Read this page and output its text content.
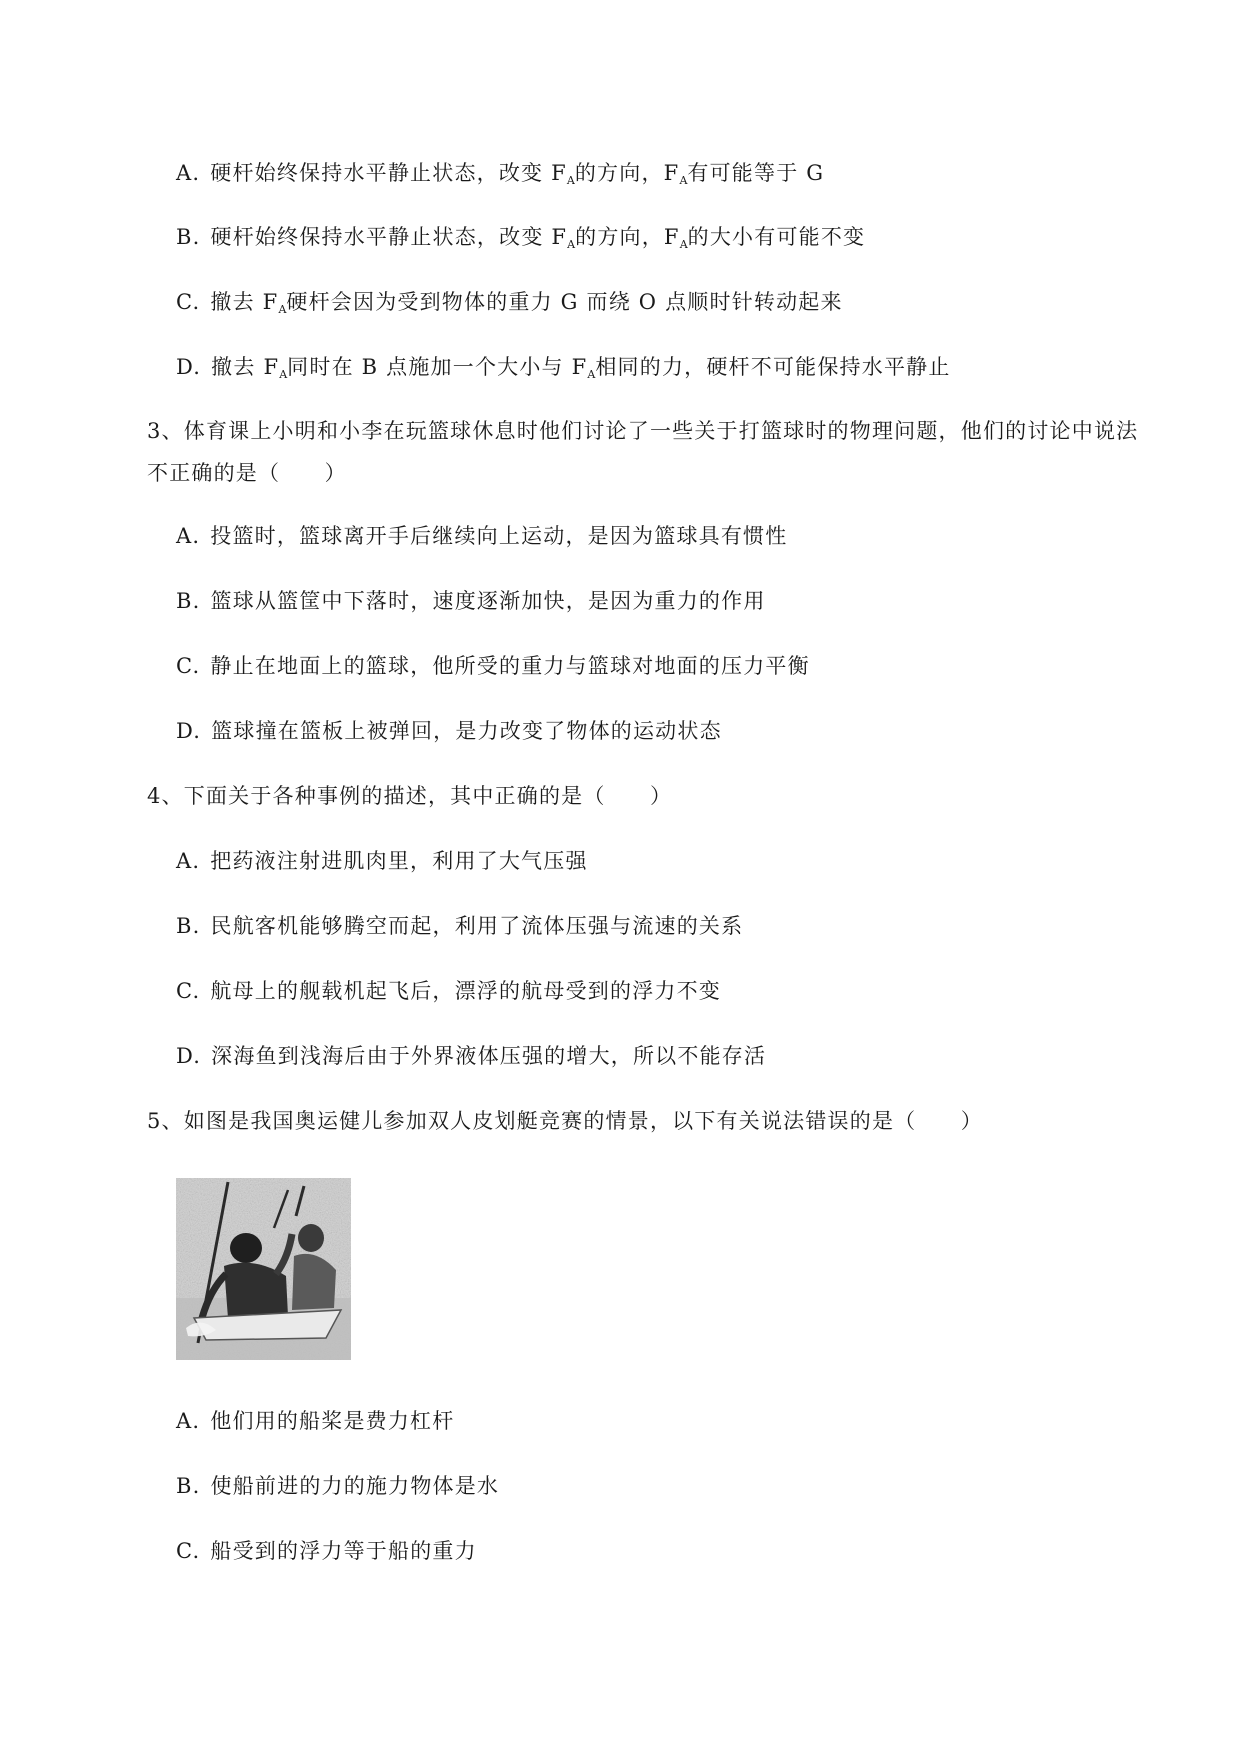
A. 硬杆始终保持水平静止状态，改变 $F_A$的方向，$F_A$有可能等于 G
B. 硬杆始终保持水平静止状态，改变 $F_A$的方向，$F_A$的大小有可能不变
C. 撤去 $F_A$硬杆会因为受到物体的重力 G 而绕 O 点顺时针转动起来
D. 撤去 $F_A$同时在 B 点施加一个大小与 $F_A$相同的力，硬杆不可能保持水平静止
3、体育课上小明和小李在玩篮球休息时他们讨论了一些关于打篮球时的物理问题，他们的讨论中说法
不正确的是（　　）
A. 投篮时，篮球离开手后继续向上运动，是因为篮球具有惯性
B. 篮球从篮筐中下落时，速度逐渐加快，是因为重力的作用
C. 静止在地面上的篮球，他所受的重力与篮球对地面的压力平衡
D. 篮球撞在篮板上被弹回，是力改变了物体的运动状态
4、下面关于各种事例的描述，其中正确的是（　　）
A. 把药液注射进肌肉里，利用了大气压强
B. 民航客机能够腾空而起，利用了流体压强与流速的关系
C. 航母上的舰载机起飞后，漂浮的航母受到的浮力不变
D. 深海鱼到浅海后由于外界液体压强的增大，所以不能存活
5、如图是我国奥运健儿参加双人皮划艇竞赛的情景，以下有关说法错误的是（　　）
A. 他们用的船桨是费力杠杆
B. 使船前进的力的施力物体是水
C. 船受到的浮力等于船的重力
